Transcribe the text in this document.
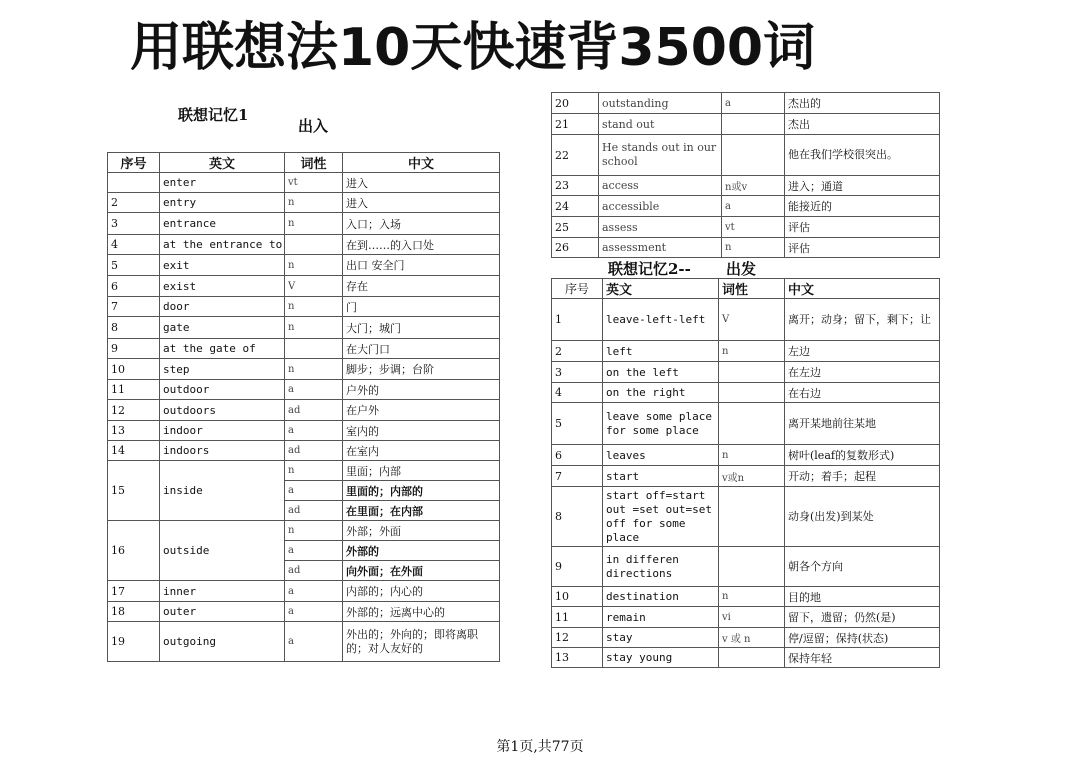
用联想法10天快速背3500词
联想记忆1
出入
联想记忆2-- 出发
序号	英文	词性	中文
	enter	vt	进入
2	entry	n	进入
3	entrance	n	入口；入场
4	at the entrance to		在到……的入口处
5	exit	n	出口 安全门
6	exist	V	存在
7	door	n	门
8	gate	n	大门；城门
9	at the gate of		在大门口
10	step	n	脚步；步调；台阶
11	outdoor	a	户外的
12	outdoors	ad	在户外
13	indoor	a	室内的
14	indoors	ad	在室内
15	inside	n	里面；内部
		a	里面的；内部的
		ad	在里面；在内部
16	outside	n	外部；外面
		a	外部的
		ad	向外面；在外面
17	inner	a	内部的；内心的
18	outer	a	外部的；远离中心的
19	outgoing	a	外出的；外向的；即将离职的；对人友好的
20	outstanding	a	杰出的
21	stand out		杰出
22	He stands out in our school		他在我们学校很突出。
23	access	n或v	进入；通道
24	accessible	a	能接近的
25	assess	vt	评估
26	assessment	n	评估
序号	英文	词性	中文
1	leave-left-left	V	离开；动身；留下，剩下；让
2	left	n	左边
3	on the left		在左边
4	on the right		在右边
5	leave some place for some place		离开某地前往某地
6	leaves	n	树叶(leaf的复数形式)
7	start	v或n	开动；着手；起程
8	start off=start out =set out=set off for some place		动身(出发)到某处
9	in differen directions		朝各个方向
10	destination	n	目的地
11	remain	vi	留下，遗留；仍然(是)
12	stay	v 或 n	停/逗留；保持(状态)
13	stay young		保持年轻
第1页,共77页
